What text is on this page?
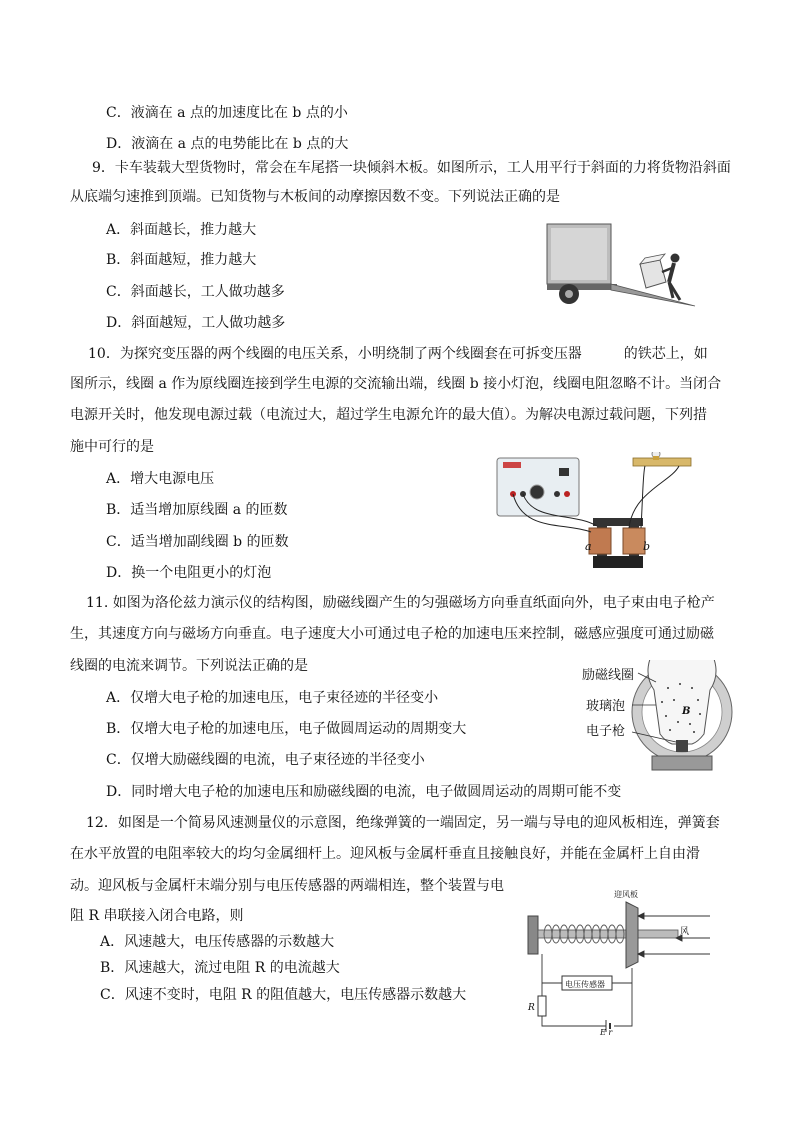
C．液滴在 a 点的加速度比在 b 点的小
D．液滴在 a 点的电势能比在 b 点的大
9．卡车装载大型货物时，常会在车尾搭一块倾斜木板。如图所示，工人用平行于斜面的力将货物沿斜面
从底端匀速推到顶端。已知货物与木板间的动摩擦因数不变。下列说法正确的是
A．斜面越长，推力越大
B．斜面越短，推力越大
C．斜面越长，工人做功越多
D．斜面越短，工人做功越多
10．为探究变压器的两个线圈的电压关系，小明绕制了两个线圈套在可拆变压器　　　的铁芯上，如
图所示，线圈 a 作为原线圈连接到学生电源的交流输出端，线圈 b 接小灯泡，线圈电阻忽略不计。当闭合
电源开关时，他发现电源过载（电流过大，超过学生电源允许的最大值）。为解决电源过载问题，下列措
施中可行的是
A．增大电源电压
B．适当增加原线圈 a 的匝数
C．适当增加副线圈 b 的匝数
D．换一个电阻更小的灯泡
a	b
11. 如图为洛伦兹力演示仪的结构图，励磁线圈产生的匀强磁场方向垂直纸面向外，电子束由电子枪产
生，其速度方向与磁场方向垂直。电子速度大小可通过电子枪的加速电压来控制，磁感应强度可通过励磁
线圈的电流来调节。下列说法正确的是
A．仅增大电子枪的加速电压，电子束径迹的半径变小
B．仅增大电子枪的加速电压，电子做圆周运动的周期变大
C．仅增大励磁线圈的电流，电子束径迹的半径变小
D．同时增大电子枪的加速电压和励磁线圈的电流，电子做圆周运动的周期可能不变
B
励磁线圈
玻璃泡
电子枪
12．如图是一个简易风速测量仪的示意图，绝缘弹簧的一端固定，另一端与导电的迎风板相连，弹簧套
在水平放置的电阻率较大的均匀金属细杆上。迎风板与金属杆垂直且接触良好，并能在金属杆上自由滑
动。迎风板与金属杆末端分别与电压传感器的两端相连，整个装置与电
阻 R 串联接入闭合电路，则
A．风速越大，电压传感器的示数越大
B．风速越大，流过电阻 R 的电流越大
C．风速不变时，电阻 R 的阻值越大，电压传感器示数越大
迎风板
风
电压传感器
R
E r
